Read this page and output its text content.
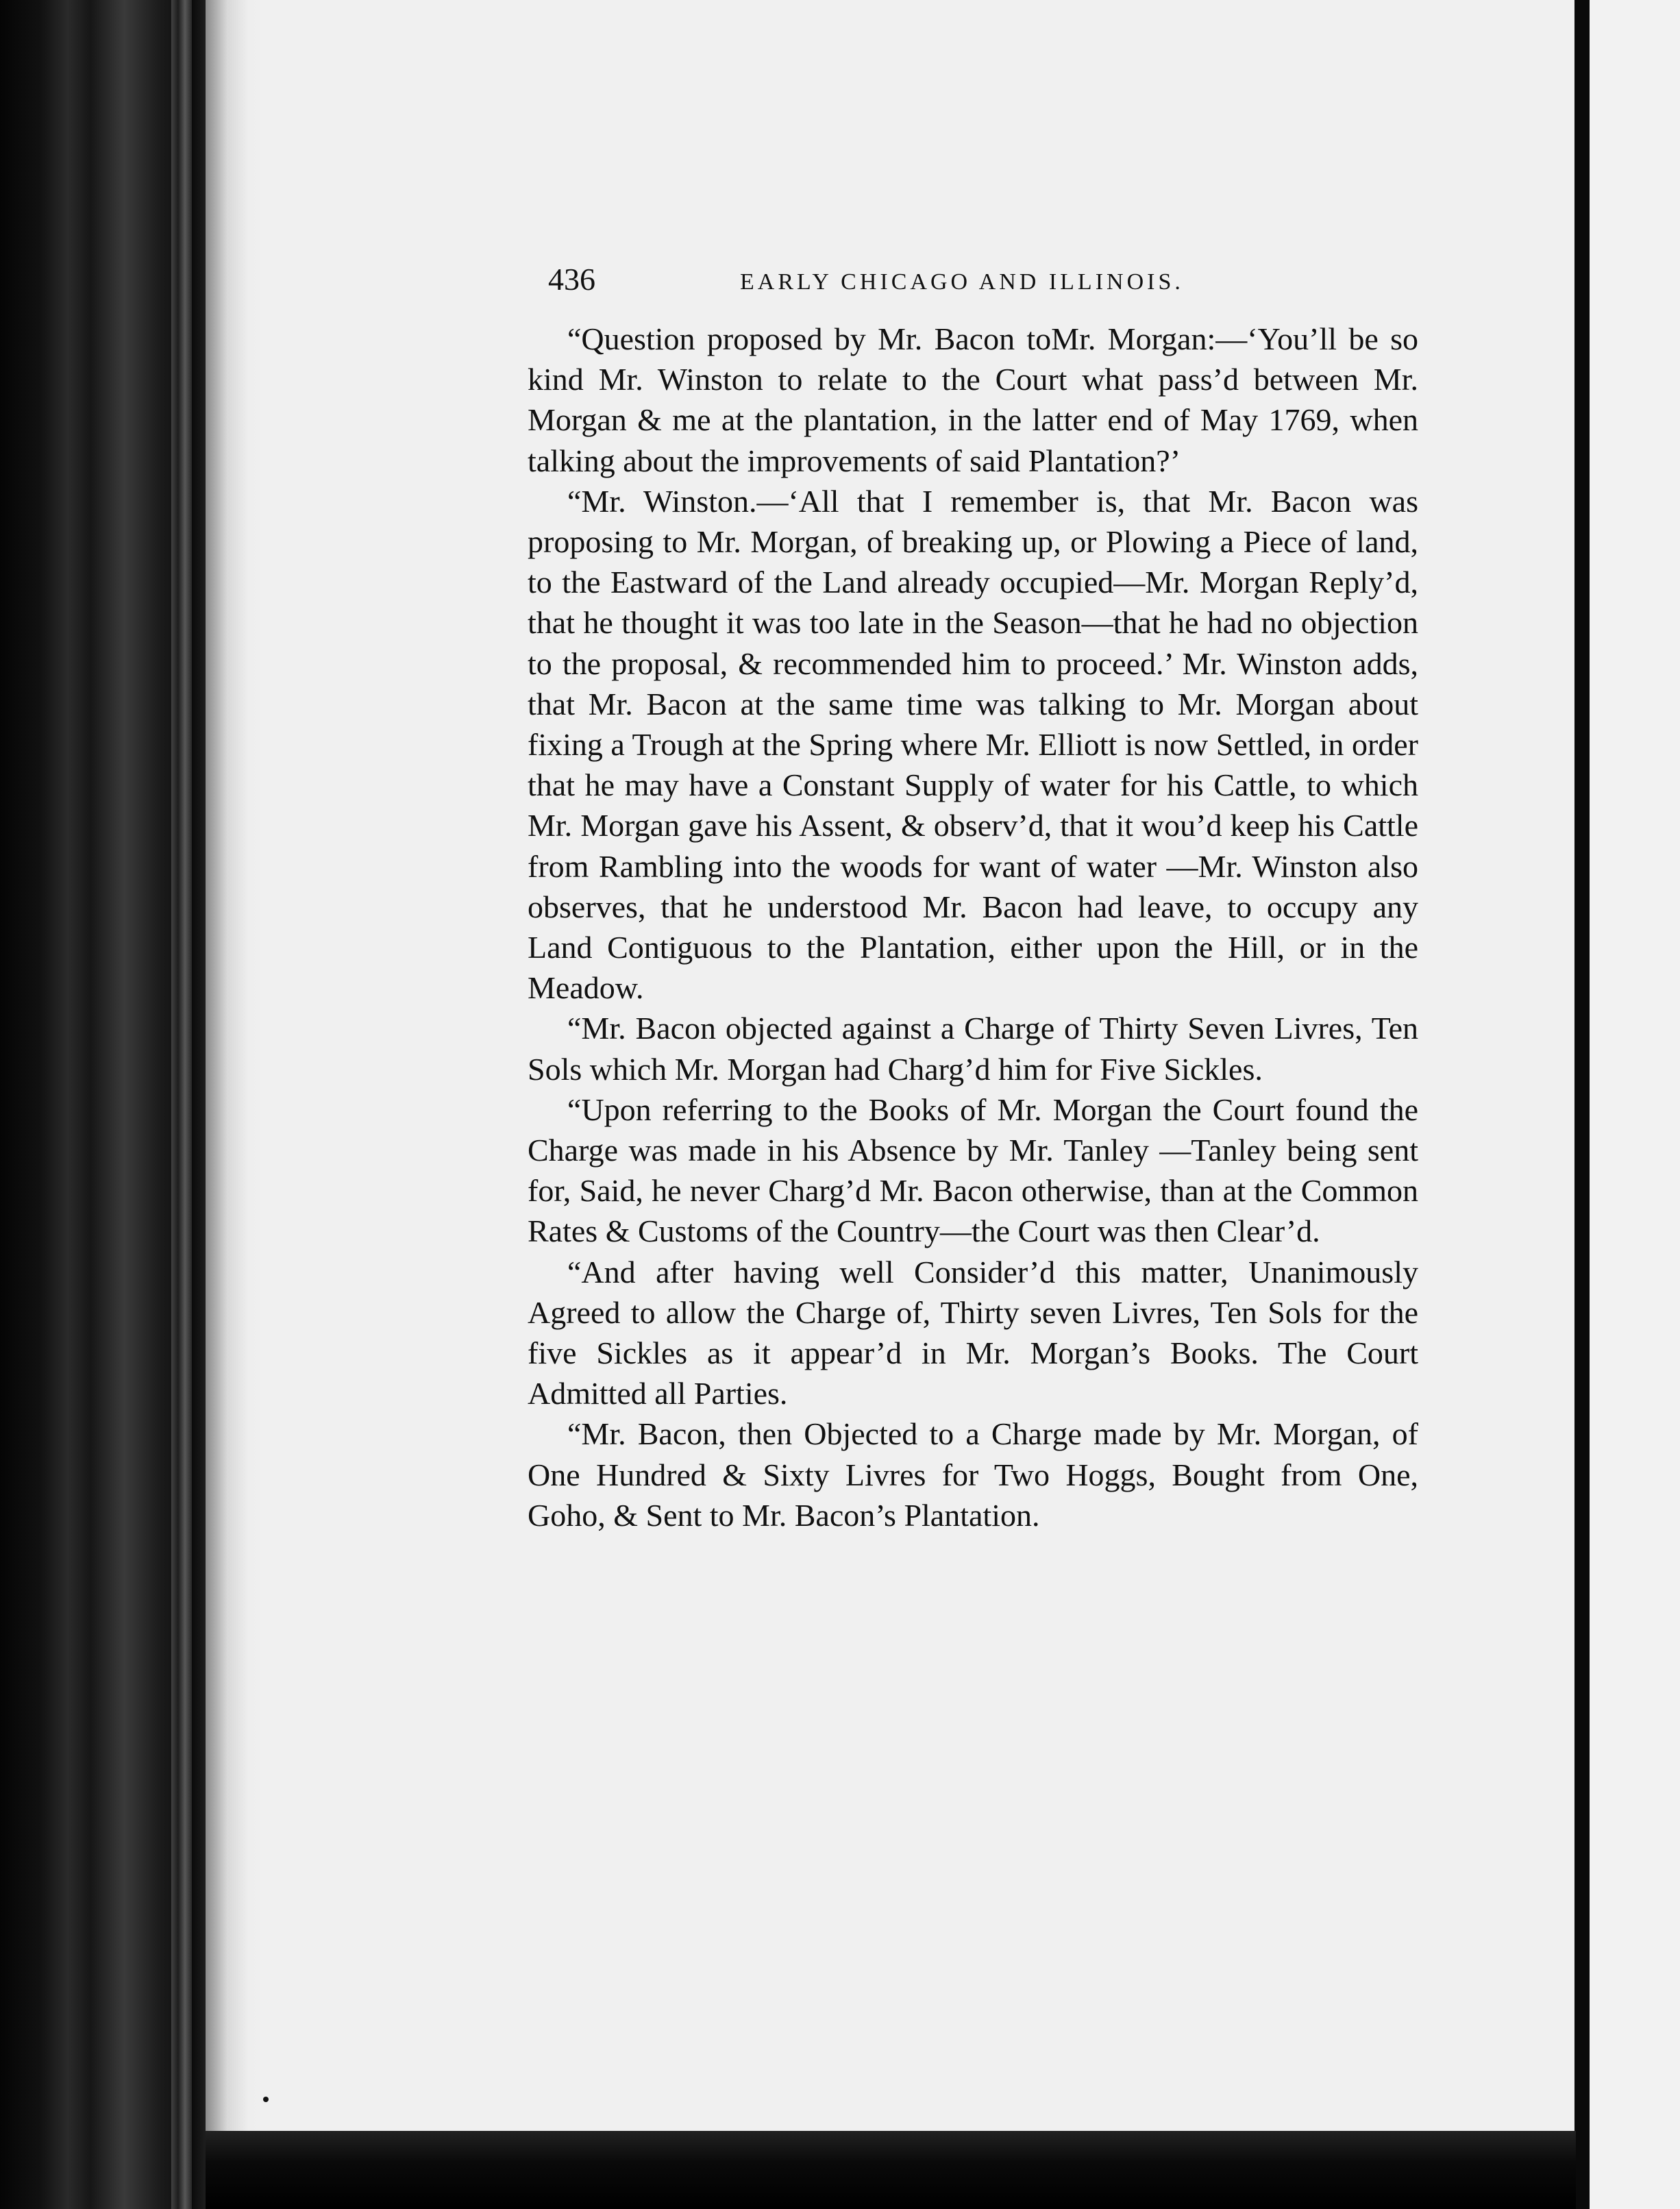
436	EARLY CHICAGO AND ILLINOIS.

“Question proposed by Mr. Bacon toMr. Morgan:—‘You’ll be so kind Mr. Winston to relate to the Court what pass’d between Mr. Morgan & me at the plantation, in the latter end of May 1769, when talking about the improvements of said Plantation?’

“Mr. Winston.—‘All that I remember is, that Mr. Bacon was proposing to Mr. Morgan, of breaking up, or Plowing a Piece of land, to the Eastward of the Land already occupied—Mr. Morgan Reply’d, that he thought it was too late in the Season—that he had no objection to the proposal, & recommended him to proceed.’ Mr. Winston adds, that Mr. Bacon at the same time was talking to Mr. Morgan about fixing a Trough at the Spring where Mr. Elliott is now Settled, in order that he may have a Constant Supply of water for his Cattle, to which Mr. Morgan gave his Assent, & observ’d, that it wou’d keep his Cattle from Rambling into the woods for want of water —Mr. Winston also observes, that he understood Mr. Bacon had leave, to occupy any Land Contiguous to the Plantation, either upon the Hill, or in the Meadow.

“Mr. Bacon objected against a Charge of Thirty Seven Livres, Ten Sols which Mr. Morgan had Charg’d him for Five Sickles.

“Upon referring to the Books of Mr. Morgan the Court found the Charge was made in his Absence by Mr. Tanley —Tanley being sent for, Said, he never Charg’d Mr. Bacon otherwise, than at the Common Rates & Customs of the Country—the Court was then Clear’d.

“And after having well Consider’d this matter, Unanimously Agreed to allow the Charge of, Thirty seven Livres, Ten Sols for the five Sickles as it appear’d in Mr. Morgan’s Books. The Court Admitted all Parties.

“Mr. Bacon, then Objected to a Charge made by Mr. Morgan, of One Hundred & Sixty Livres for Two Hoggs, Bought from One, Goho, & Sent to Mr. Bacon’s Plantation.
